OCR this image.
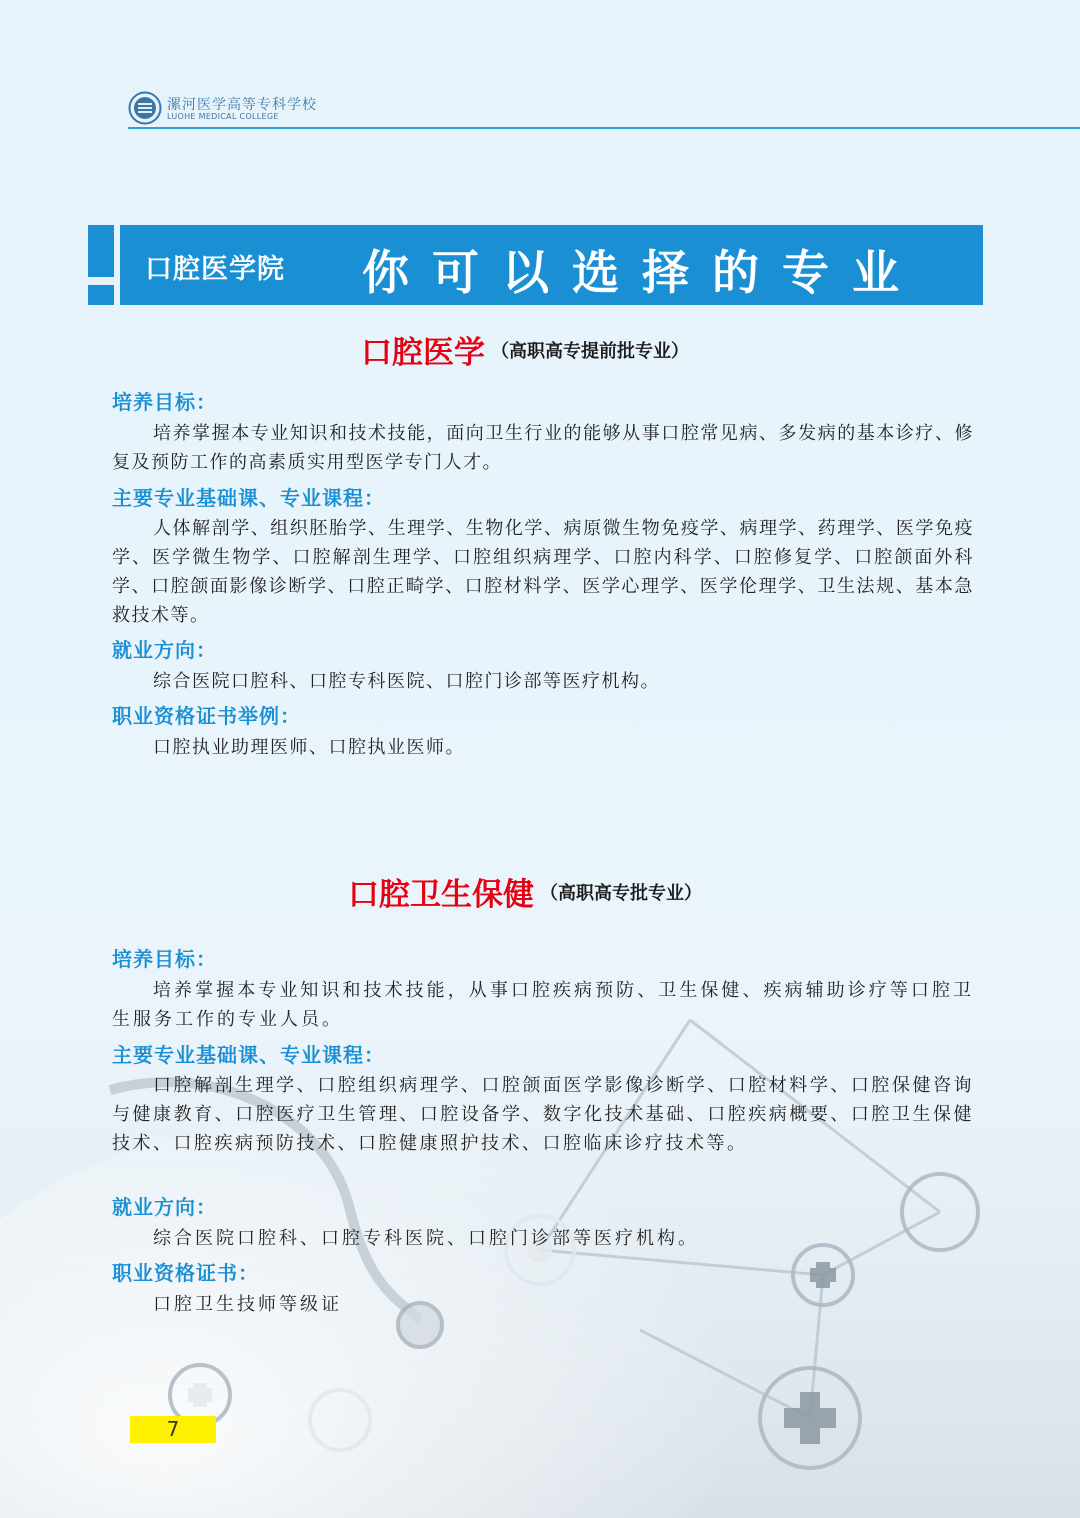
漯河医学高等专科学校
LUOHE MEDICAL COLLEGE
口腔医学院 你可以选择的专业
口腔医学 （高职高专提前批专业）
培养目标：
培养掌握本专业知识和技术技能，面向卫生行业的能够从事口腔常见病、多发病的基本诊疗、修复及预防工作的高素质实用型医学专门人才。
主要专业基础课、专业课程：
人体解剖学、组织胚胎学、生理学、生物化学、病原微生物免疫学、病理学、药理学、医学免疫学、医学微生物学、口腔解剖生理学、口腔组织病理学、口腔内科学、口腔修复学、口腔颌面外科学、口腔颌面影像诊断学、口腔正畸学、口腔材料学、医学心理学、医学伦理学、卫生法规、基本急救技术等。
就业方向：
综合医院口腔科、口腔专科医院、口腔门诊部等医疗机构。
职业资格证书举例：
口腔执业助理医师、口腔执业医师。
口腔卫生保健 （高职高专批专业）
培养目标：
培养掌握本专业知识和技术技能，从事口腔疾病预防、卫生保健、疾病辅助诊疗等口腔卫生服务工作的专业人员。
主要专业基础课、专业课程：
口腔解剖生理学、口腔组织病理学、口腔颌面医学影像诊断学、口腔材料学、口腔保健咨询与健康教育、口腔医疗卫生管理、口腔设备学、数字化技术基础、口腔疾病概要、口腔卫生保健技术、口腔疾病预防技术、口腔健康照护技术、口腔临床诊疗技术等。
就业方向：
综合医院口腔科、口腔专科医院、口腔门诊部等医疗机构。
职业资格证书：
口腔卫生技师等级证
7
